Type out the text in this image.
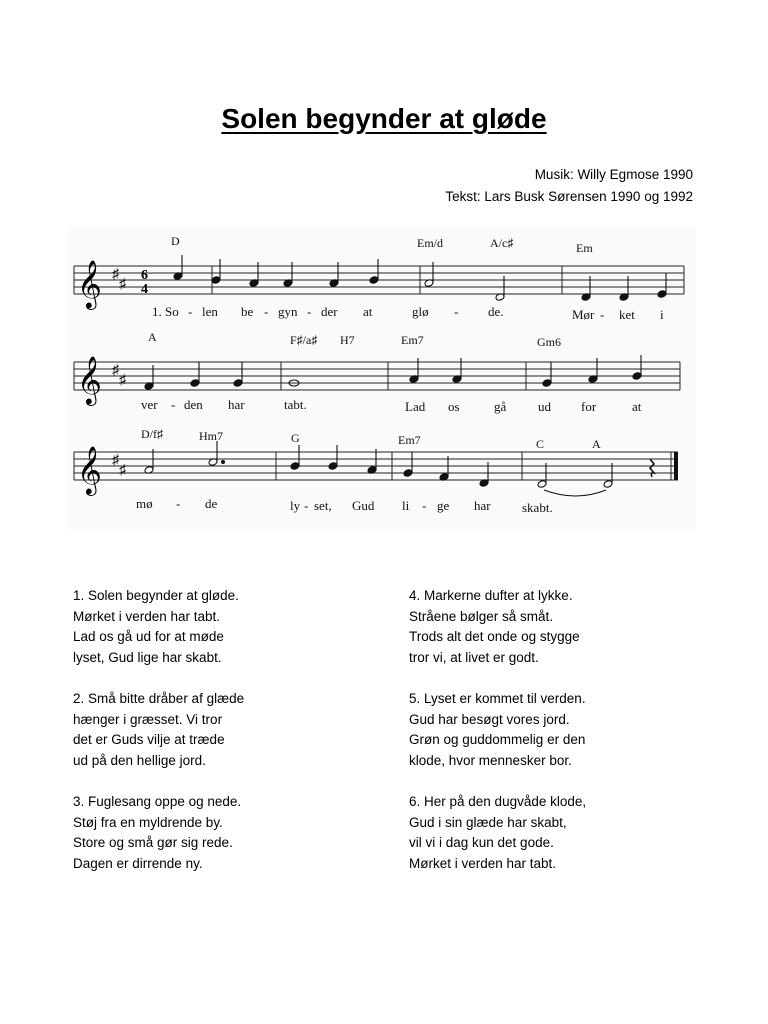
Solen begynder at gløde
Musik: Willy Egmose 1990
Tekst: Lars Busk Sørensen 1990 og 1992
𝄞 ♯
♯ 6
4
D	Em/d	A/c♯	Em
1. So - len be - gyn - der at	glø - de.	Mør - ket i
𝄞 ♯
♯
A	F♯/a♯ H7	Em7	Gm6
ver - den har	tabt.	Lad os	gå ud for	at
𝄞 ♯
♯
D/f♯	Hm7	G	Em7	C	A
mø - de	ly - set, Gud li - ge har skabt.
1. Solen begynder at gløde.
Mørket i verden har tabt.
Lad os gå ud for at møde
lyset, Gud lige har skabt.
2. Små bitte dråber af glæde
hænger i græsset. Vi tror
det er Guds vilje at træde
ud på den hellige jord.
3. Fuglesang oppe og nede.
Støj fra en myldrende by.
Store og små gør sig rede.
Dagen er dirrende ny.
4. Markerne dufter at lykke.
Stråene bølger så småt.
Trods alt det onde og stygge
tror vi, at livet er godt.
5. Lyset er kommet til verden.
Gud har besøgt vores jord.
Grøn og guddommelig er den
klode, hvor mennesker bor.
6. Her på den dugvåde klode,
Gud i sin glæde har skabt,
vil vi i dag kun det gode.
Mørket i verden har tabt.
